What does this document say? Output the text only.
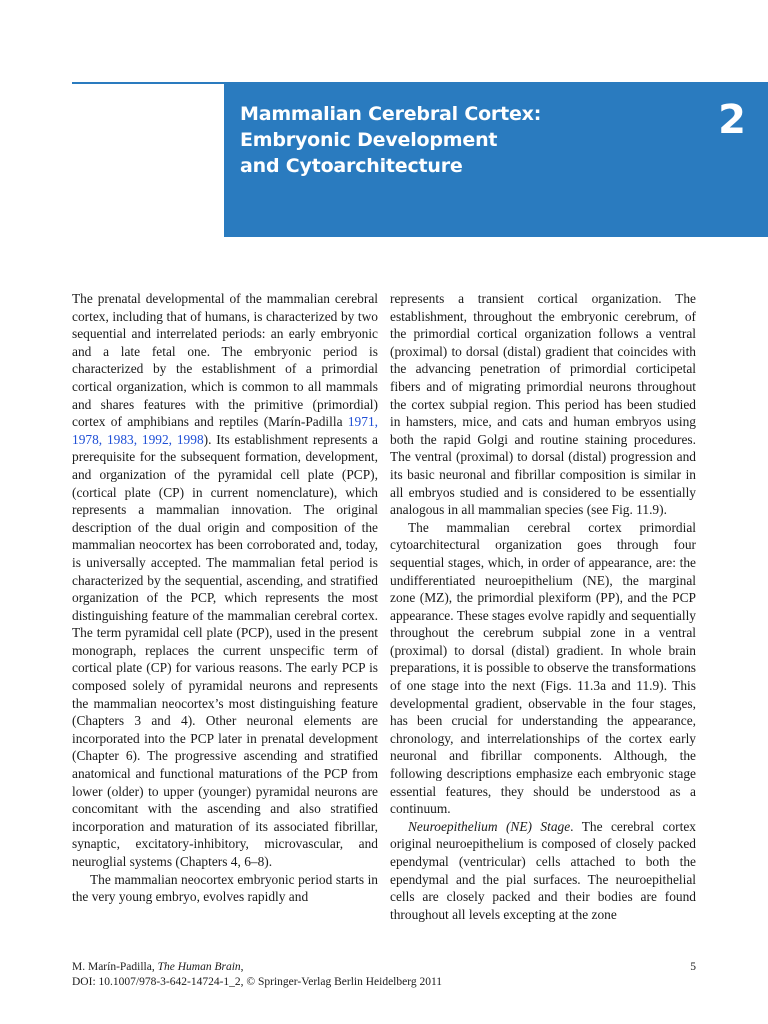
Mammalian Cerebral Cortex:
Embryonic Development
and Cytoarchitecture
2

The prenatal developmental of the mammalian cerebral cortex, including that of humans, is characterized by two sequential and interrelated periods: an early embryonic and a late fetal one. The embryonic period is characterized by the establishment of a primordial cortical organization, which is common to all mammals and shares features with the primitive (primordial) cortex of amphibians and reptiles (Marín-Padilla 1971, 1978, 1983, 1992, 1998). Its establishment represents a prerequisite for the subsequent formation, development, and organization of the pyramidal cell plate (PCP), (cortical plate (CP) in current nomenclature), which represents a mammalian innovation. The original description of the dual origin and composition of the mammalian neocortex has been corroborated and, today, is universally accepted. The mammalian fetal period is characterized by the sequential, ascending, and stratified organization of the PCP, which represents the most distinguishing feature of the mammalian cerebral cortex. The term pyramidal cell plate (PCP), used in the present monograph, replaces the current unspecific term of cortical plate (CP) for various reasons. The early PCP is composed solely of pyramidal neurons and represents the mammalian neocortex’s most distinguishing feature (Chapters 3 and 4). Other neuronal elements are incorporated into the PCP later in prenatal development (Chapter 6). The progressive ascending and stratified anatomical and functional maturations of the PCP from lower (older) to upper (younger) pyramidal neurons are concomitant with the ascending and also stratified incorporation and maturation of its associated fibrillar, synaptic, excitatory-inhibitory, microvascular, and neuroglial systems (Chapters 4, 6–8).

The mammalian neocortex embryonic period starts in the very young embryo, evolves rapidly and

represents a transient cortical organization. The establishment, throughout the embryonic cerebrum, of the primordial cortical organization follows a ventral (proximal) to dorsal (distal) gradient that coincides with the advancing penetration of primordial corticipetal fibers and of migrating primordial neurons throughout the cortex subpial region. This period has been studied in hamsters, mice, and cats and human embryos using both the rapid Golgi and routine staining procedures. The ventral (proximal) to dorsal (distal) progression and its basic neuronal and fibrillar composition is similar in all embryos studied and is considered to be essentially analogous in all mammalian species (see Fig. 11.9).

The mammalian cerebral cortex primordial cytoarchitectural organization goes through four sequential stages, which, in order of appearance, are: the undifferentiated neuroepithelium (NE), the marginal zone (MZ), the primordial plexiform (PP), and the PCP appearance. These stages evolve rapidly and sequentially throughout the cerebrum subpial zone in a ventral (proximal) to dorsal (distal) gradient. In whole brain preparations, it is possible to observe the transformations of one stage into the next (Figs. 11.3a and 11.9). This developmental gradient, observable in the four stages, has been crucial for understanding the appearance, chronology, and interrelationships of the cortex early neuronal and fibrillar components. Although, the following descriptions emphasize each embryonic stage essential features, they should be understood as a continuum.

Neuroepithelium (NE) Stage. The cerebral cortex original neuroepithelium is composed of closely packed ependymal (ventricular) cells attached to both the ependymal and the pial surfaces. The neuroepithelial cells are closely packed and their bodies are found throughout all levels excepting at the zone

M. Marín-Padilla, The Human Brain,
DOI: 10.1007/978-3-642-14724-1_2, © Springer-Verlag Berlin Heidelberg 2011
5
